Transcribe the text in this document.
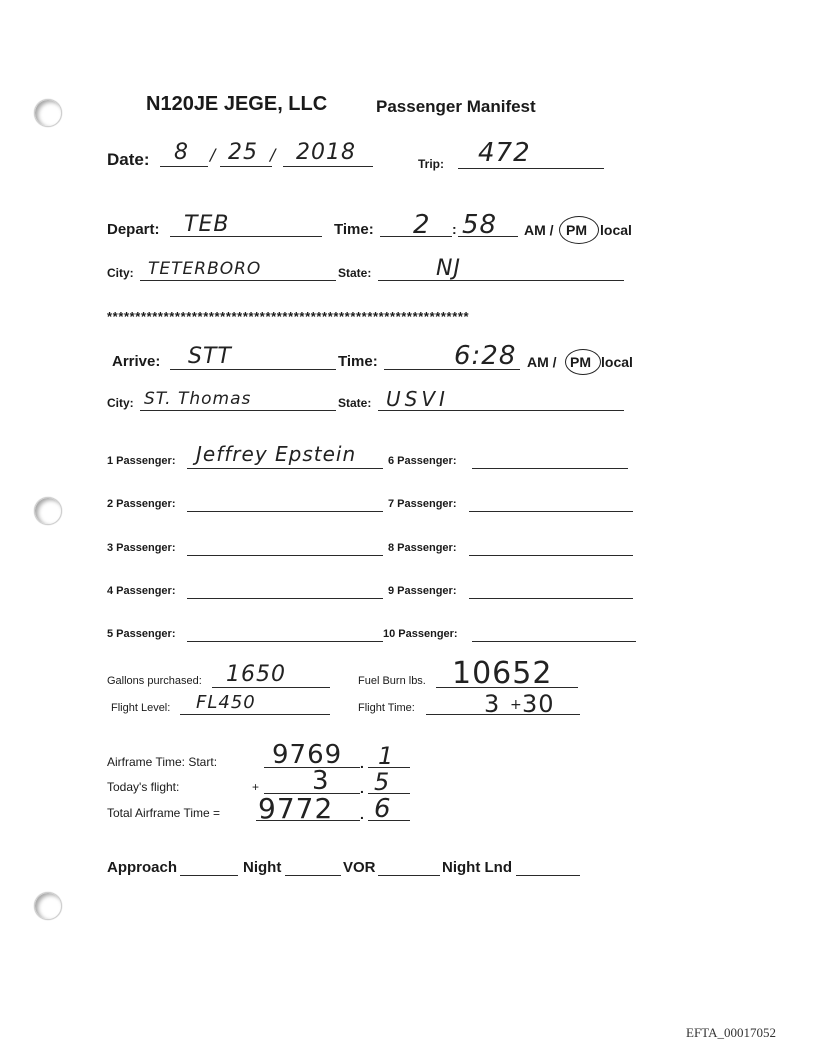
N120JE JEGE, LLC	Passenger Manifest
Date: 8 / 25 / 2018	Trip: 472
Depart: TEB	Time: 2 : 58 AM / PM local
City: TETERBORO	State:	NJ
****************************************************************
Arrive: STT	Time:	6:28 AM / PM local
City: ST. Thomas	State: USVI
1 Passenger: Jeffrey Epstein	6 Passenger:
2 Passenger:	7 Passenger:
3 Passenger:	8 Passenger:
4 Passenger:	9 Passenger:
5 Passenger:	10 Passenger:
Gallons purchased: 1650	Fuel Burn lbs. 10652
Flight Level: FL450	Flight Time:	3 + 30
Airframe Time: Start: 9769 . 1
Today's flight:	+ 3 . 5
Total Airframe Time = 9772 . 6
Approach	Night	VOR	Night Lnd
EFTA_00017052
